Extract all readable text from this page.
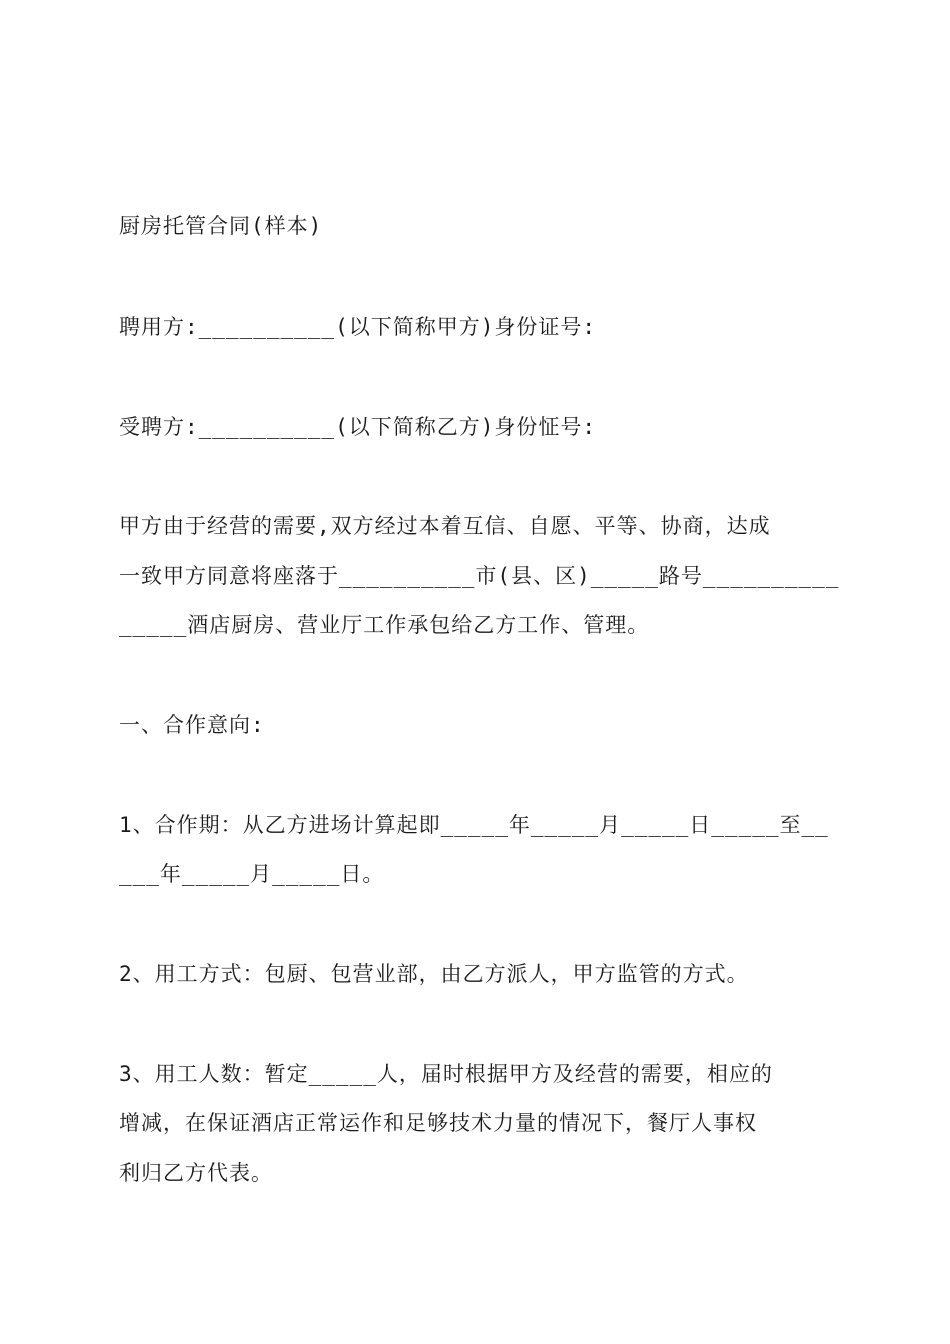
厨房托管合同(样本)
聘用方:__________(以下简称甲方)身份证号:
受聘方:__________(以下简称乙方)身份怔号:
甲方由于经营的需要,双方经过本着互信、自愿、平等、协商，达成
一致甲方同意将座落于__________市(县、区)_____路号__________
_____酒店厨房、营业厅工作承包给乙方工作、管理。
一、合作意向:
1、合作期：从乙方进场计算起即_____年_____月_____日_____至__
___年_____月_____日。
2、用工方式：包厨、包营业部，由乙方派人，甲方监管的方式。
3、用工人数：暂定_____人，届时根据甲方及经营的需要，相应的
增减，在保证酒店正常运作和足够技术力量的情况下，餐厅人事权
利归乙方代表。
